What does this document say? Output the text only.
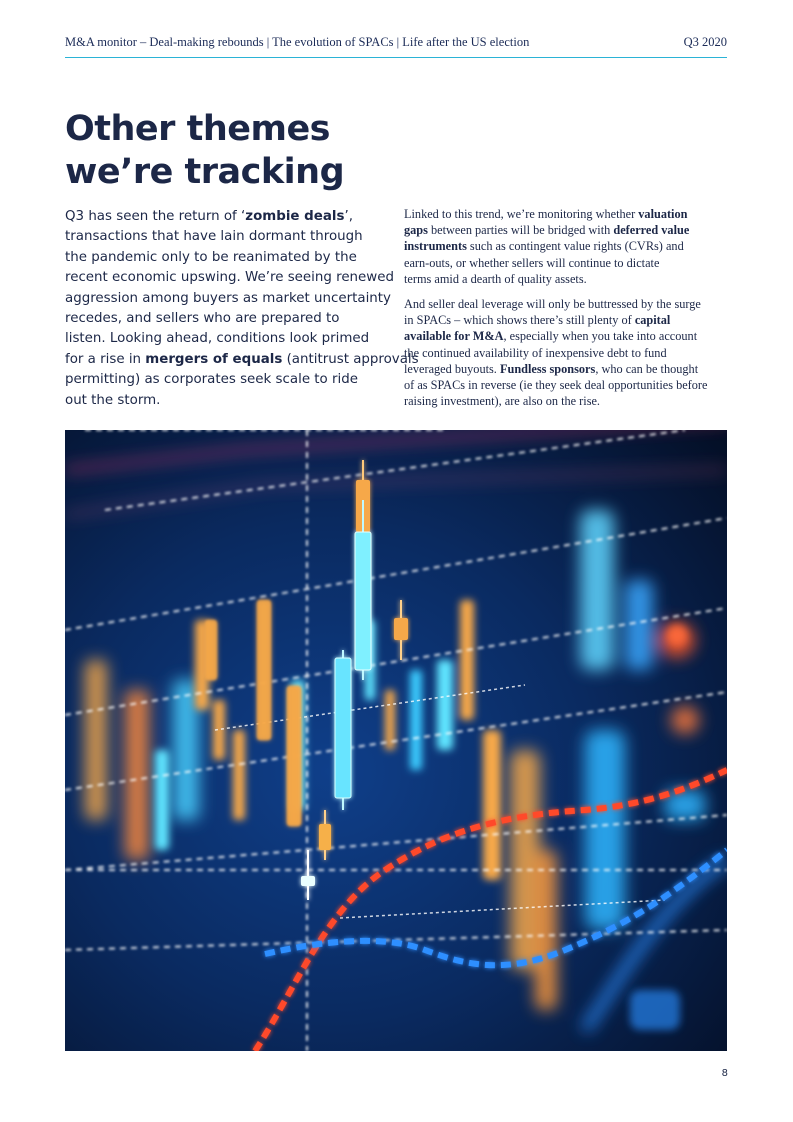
M&A monitor – Deal-making rebounds | The evolution of SPACs | Life after the US election	Q3 2020
Other themes
we’re tracking
Q3 has seen the return of ‘zombie deals’,
transactions that have lain dormant through
the pandemic only to be reanimated by the
recent economic upswing. We’re seeing renewed
aggression among buyers as market uncertainty
recedes, and sellers who are prepared to
listen. Looking ahead, conditions look primed
for a rise in mergers of equals (antitrust approvals
permitting) as corporates seek scale to ride
out the storm.
Linked to this trend, we’re monitoring whether valuation
gaps between parties will be bridged with deferred value
instruments such as contingent value rights (CVRs) and
earn-outs, or whether sellers will continue to dictate
terms amid a dearth of quality assets.
And seller deal leverage will only be buttressed by the surge
in SPACs – which shows there’s still plenty of capital
available for M&A, especially when you take into account
the continued availability of inexpensive debt to fund
leveraged buyouts. Fundless sponsors, who can be thought
of as SPACs in reverse (ie they seek deal opportunities before
raising investment), are also on the rise.
8
